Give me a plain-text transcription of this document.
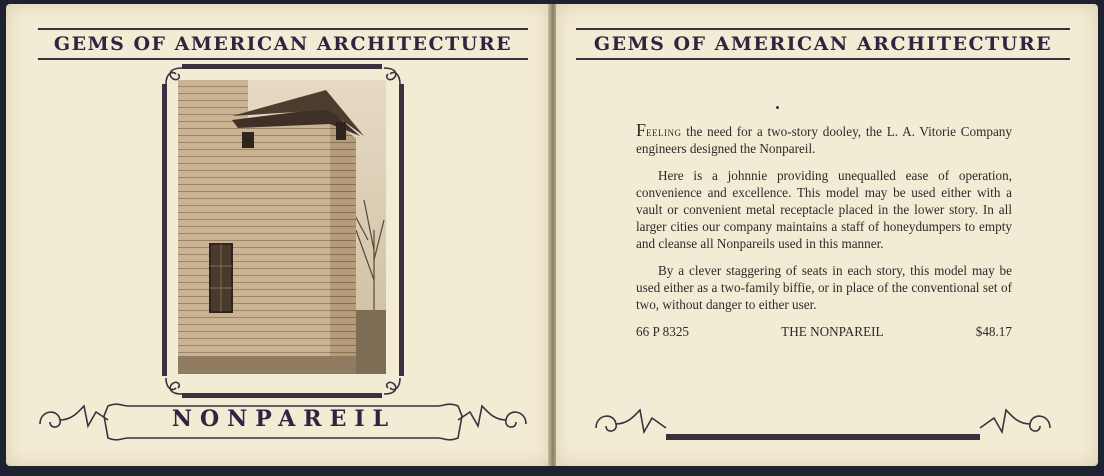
GEMS OF AMERICAN ARCHITECTURE
NONPAREIL
GEMS OF AMERICAN ARCHITECTURE

Feeling the need for a two-story dooley, the L. A. Vitorie Company engineers designed the Nonpareil.

Here is a johnnie providing unequalled ease of operation, convenience and excellence. This model may be used either with a vault or convenient metal receptacle placed in the lower story. In all larger cities our company maintains a staff of honeydumpers to empty and cleanse all Nonpareils used in this manner.

By a clever staggering of seats in each story, this model may be used either as a two-family biffie, or in place of the conventional set of two, without danger to either user.

66 P 8325	THE NONPAREIL	$48.17
